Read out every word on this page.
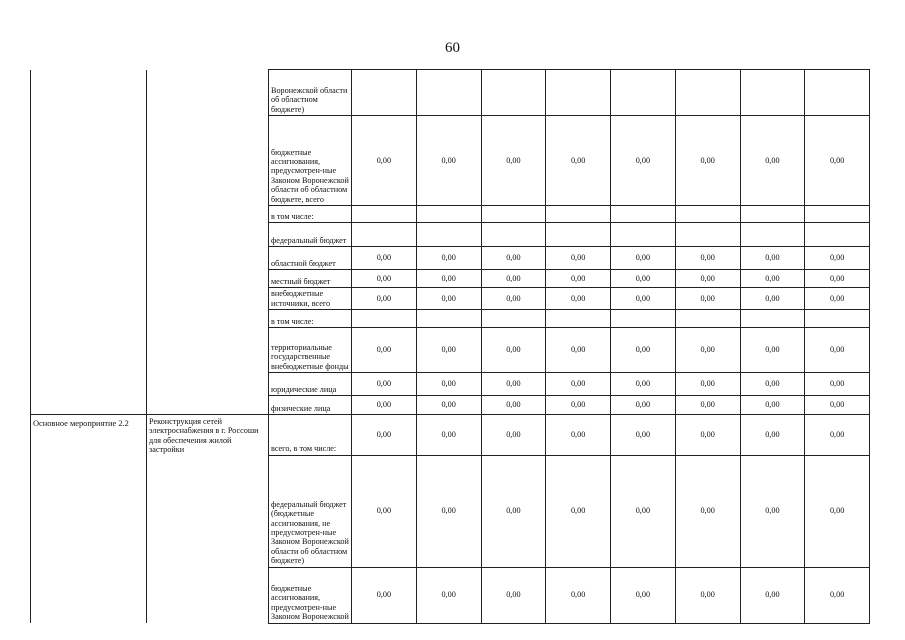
60
		Воронежской области об областном бюджете)								
		бюджетные ассигнования, предусмотрен-ные Законом Воронежской области об областном бюджете, всего	0,00	0,00	0,00	0,00	0,00	0,00	0,00	0,00
		в том числе:								
		федеральный бюджет								
		областной бюджет	0,00	0,00	0,00	0,00	0,00	0,00	0,00	0,00
		местный бюджет	0,00	0,00	0,00	0,00	0,00	0,00	0,00	0,00
		внебюджетные источники, всего	0,00	0,00	0,00	0,00	0,00	0,00	0,00	0,00
		в том числе:								
		территориальные государственные внебюджетные фонды	0,00	0,00	0,00	0,00	0,00	0,00	0,00	0,00
		юридические лица	0,00	0,00	0,00	0,00	0,00	0,00	0,00	0,00
		физические лица	0,00	0,00	0,00	0,00	0,00	0,00	0,00	0,00

Основное мероприятие 2.2	Реконструкция сетей электроснабжения в г. Россоши для обеспечения жилой застройки	всего, в том числе:	0,00	0,00	0,00	0,00	0,00	0,00	0,00	0,00
		федеральный бюджет (бюджетные ассигнования, не предусмотрен-ные Законом Воронежской области об областном бюджете)	0,00	0,00	0,00	0,00	0,00	0,00	0,00	0,00
		бюджетные ассигнования, предусмотрен-ные Законом Воронежской	0,00	0,00	0,00	0,00	0,00	0,00	0,00	0,00
